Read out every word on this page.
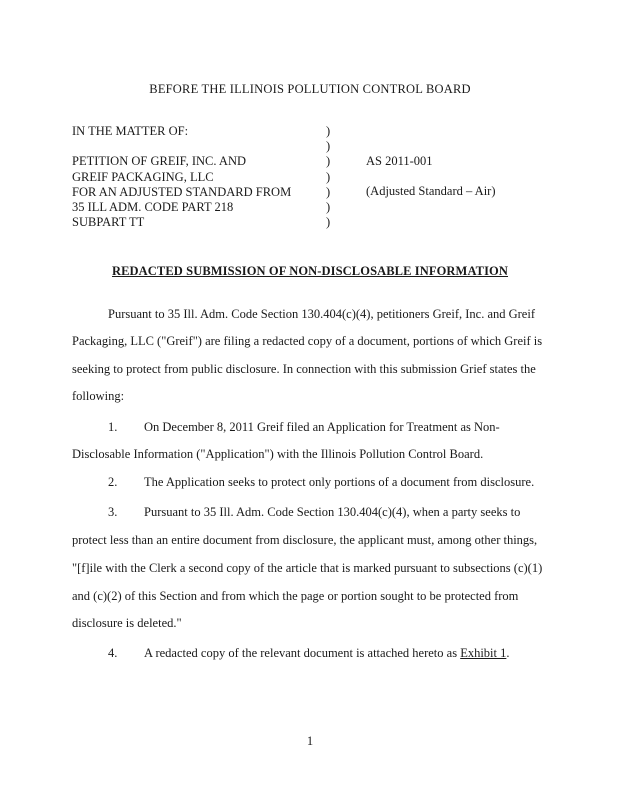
BEFORE THE ILLINOIS POLLUTION CONTROL BOARD
IN THE MATTER OF:
PETITION OF GREIF, INC. AND
GREIF PACKAGING, LLC
FOR AN ADJUSTED STANDARD FROM
35 ILL ADM. CODE PART 218
SUBPART TT
)
)
)
)
)
)
)
AS 2011-001
(Adjusted Standard – Air)
REDACTED SUBMISSION OF NON-DISCLOSABLE INFORMATION
Pursuant to 35 Ill. Adm. Code Section 130.404(c)(4), petitioners Greif, Inc. and Greif
Packaging, LLC ("Greif") are filing a redacted copy of a document, portions of which Greif is
seeking to protect from public disclosure. In connection with this submission Grief states the
following:
1. On December 8, 2011 Greif filed an Application for Treatment as Non-
Disclosable Information ("Application") with the Illinois Pollution Control Board.
2. The Application seeks to protect only portions of a document from disclosure.
3. Pursuant to 35 Ill. Adm. Code Section 130.404(c)(4), when a party seeks to
protect less than an entire document from disclosure, the applicant must, among other things,
"[f]ile with the Clerk a second copy of the article that is marked pursuant to subsections (c)(1)
and (c)(2) of this Section and from which the page or portion sought to be protected from
disclosure is deleted."
4. A redacted copy of the relevant document is attached hereto as Exhibit 1.
1
